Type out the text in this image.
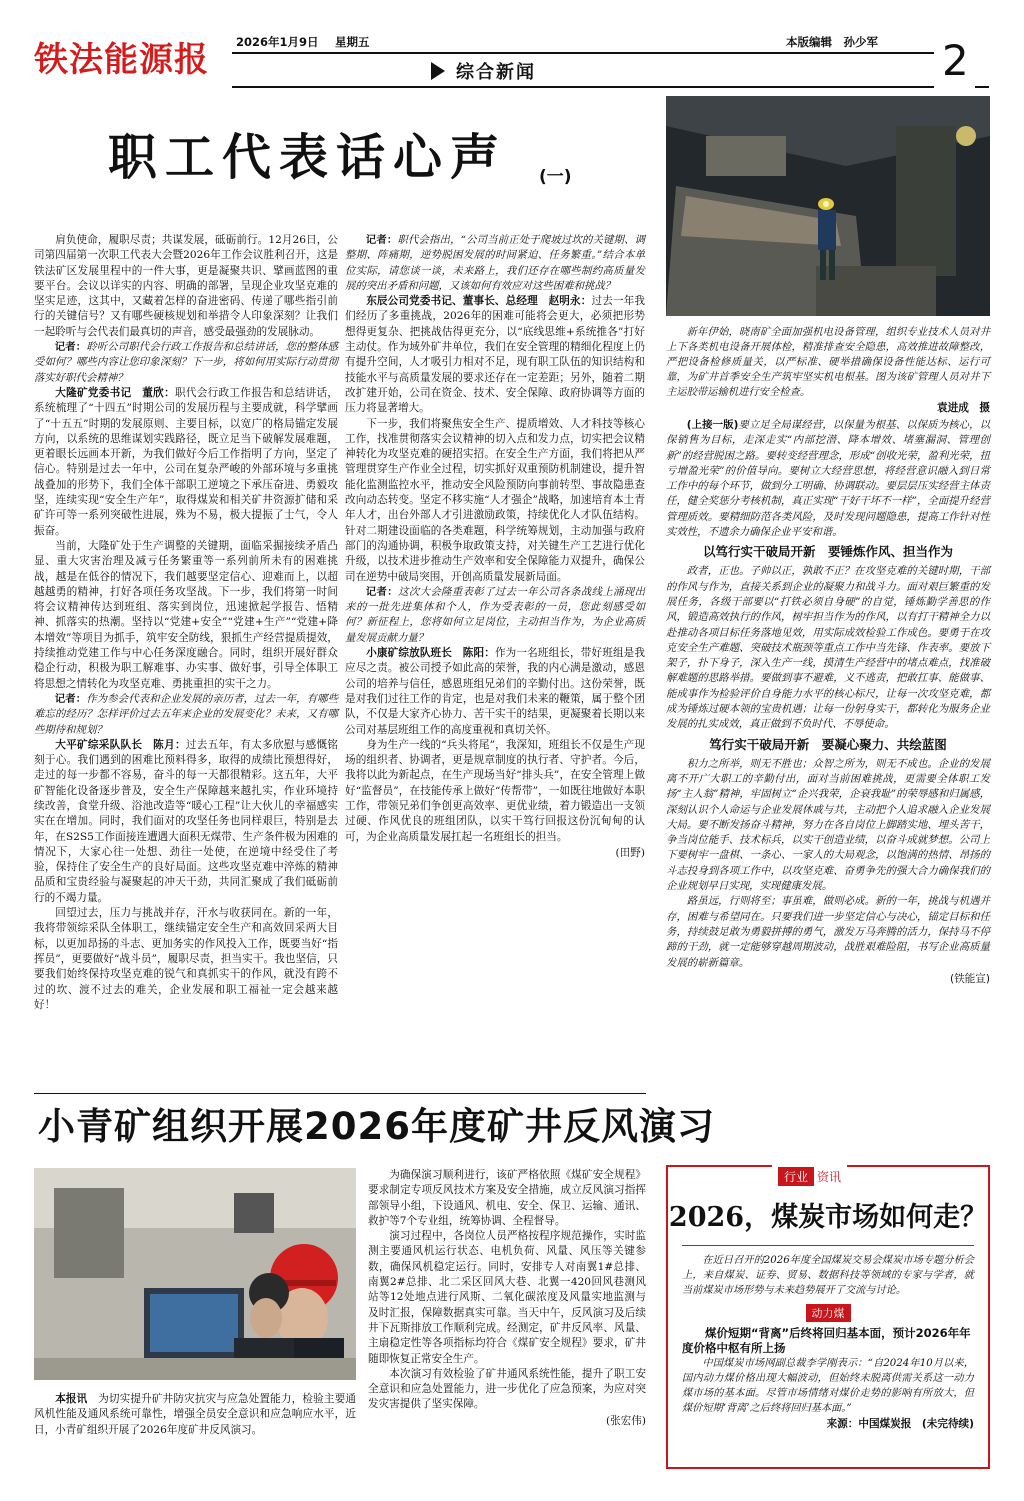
铁法能源报 2026年1月9日 星期五	本版编辑　孙少军
综合新闻	2
职工代表话心声 (一)

肩负使命，履职尽责；共谋发展，砥砺前行。12月26日，公司第四届第一次职工代表大会暨2026年工作会议胜利召开，这是铁法矿区发展里程中的一件大事，更是凝聚共识、擘画蓝图的重要平台。会议以详实的内容、明确的部署，呈现企业攻坚克难的坚实足迹，这其中，又藏着怎样的奋进密码、传递了哪些指引前行的关键信号？又有哪些硬核规划和举措令人印象深刻？让我们一起聆听与会代表们最真切的声音，感受最强劲的发展脉动。

记者：聆听公司职代会行政工作报告和总结讲话，您的整体感受如何？哪些内容让您印象深刻？下一步，将如何用实际行动贯彻落实好职代会精神？

大隆矿党委书记　董欣：职代会行政工作报告和总结讲话，系统梳理了“十四五”时期公司的发展历程与主要成就，科学擘画了“十五五”时期的发展原则、主要目标，以宽广的格局锚定发展方向，以系统的思维谋划实践路径，既立足当下破解发展难题，更着眼长远画本开新，为我们做好今后工作指明了方向，坚定了信心。特别是过去一年中，公司在复杂严峻的外部环境与多重挑战叠加的形势下，我们全体干部职工逆境之下承压奋进、勇毅攻坚，连续实现“安全生产年”，取得煤炭和相关矿井资源扩储和采矿许可等一系列突破性进展，殊为不易，极大提振了士气，令人振奋。

当前，大隆矿处于生产调整的关键期，面临采掘接续矛盾凸显、重大灾害治理及减亏任务繁重等一系列前所未有的困难挑战，越是在低谷的情况下，我们越要坚定信心、迎难而上，以超越越勇的精神，打好各项任务攻坚战。下一步，我们将第一时间将会议精神传达到班组、落实到岗位，迅速掀起学报告、悟精神、抓落实的热潮。坚持以“党建+安全”“党建+生产”“党建+降本增效”等项目为抓手，筑牢安全防线，狠抓生产经营提质提效，持续推动党建工作与中心任务深度融合。同时，组织开展好群众稳企行动，积极为职工解难事、办实事、做好事，引导全体职工将思想之情转化为攻坚克难、勇挑重担的实干之力。

记者：作为参会代表和企业发展的亲历者，过去一年，有哪些难忘的经历？怎样评价过去五年来企业的发展变化？未来，又有哪些期待和规划？

大平矿综采队队长　陈月：过去五年，有太多欣慰与感慨铭刻于心。我们遇到的困难比预料得多，取得的成绩比预想得好，走过的每一步都不容易，奋斗的每一天都很精彩。这五年，大平矿智能化设备逐步普及，安全生产保障越来越扎实，作业环境持续改善，食堂升级、浴池改造等“暖心工程”让大伙儿的幸福感实实在在增加。同时，我们面对的攻坚任务也同样艰巨，特别是去年，在S2S5工作面接连遭遇大面积无煤带、生产条件极为困难的情况下，大家心往一处想、劲往一处使，在逆境中经受住了考验，保持住了安全生产的良好局面。这些攻坚克难中淬炼的精神品质和宝贵经验与凝聚起的冲天干劲，共同汇聚成了我们砥砺前行的不竭力量。

回望过去，压力与挑战并存，汗水与收获同在。新的一年，我将带领综采队全体职工，继续锚定安全生产和高效回采两大目标，以更加昂扬的斗志、更加务实的作风投入工作，既要当好“指挥员”，更要做好“战斗员”，履职尽责，担当实干。我也坚信，只要我们始终保持攻坚克难的锐气和真抓实干的作风，就没有跨不过的坎、渡不过去的难关，企业发展和职工福祉一定会越来越好！

记者：职代会指出，“公司当前正处于爬坡过坎的关键期、调整期、阵痛期，逆势脱困发展的时间紧迫、任务繁重。”结合本单位实际，请您谈一谈，未来路上，我们还存在哪些制约高质量发展的突出矛盾和问题，又该如何有效应对这些困难和挑战？

东辰公司党委书记、董事长、总经理　赵明永：过去一年我们经历了多重挑战，2026年的困难可能将会更大，必须把形势想得更复杂、把挑战估得更充分，以“底线思维+系统推各”打好主动仗。作为域外矿井单位，我们在安全管理的精细化程度上仍有提升空间，人才吸引力相对不足，现有职工队伍的知识结构和技能水平与高质量发展的要求还存在一定差距；另外，随着二期改扩建开始，公司在资金、技术、安全保障、政府协调等方面的压力将显著增大。

下一步，我们将聚焦安全生产、提质增效、人才科技等核心工作，找准贯彻落实会议精神的切入点和发力点，切实把会议精神转化为攻坚克难的硬招实招。在安全生产方面，我们将把从严管理贯穿生产作业全过程，切实抓好双重预防机制建设，提升智能化监测监控水平，推动安全风险预防向事前转型、事故隐患查改向动态转变。坚定不移实施“人才强企”战略，加速培育本土青年人才，出台外部人才引进激励政策，持续优化人才队伍结构。针对二期建设面临的各类难题，科学统筹规划，主动加强与政府部门的沟通协调，积极争取政策支持，对关键生产工艺进行优化升级，以技术进步推动生产效率和安全保障能力双提升，确保公司在逆势中破局突围，开创高质量发展新局面。

记者：这次大会隆重表彰了过去一年公司各条战线上涌现出来的一批先进集体和个人，作为受表彰的一员，您此刻感受如何？新征程上，您将如何立足岗位，主动担当作为，为企业高质量发展贡献力量？

小康矿综放队班长　陈阳：作为一名班组长，带好班组是我应尽之责。被公司授予如此高的荣誉，我的内心满是激动，感恩公司的培养与信任，感恩班组兄弟们的辛勤付出。这份荣誉，既是对我们过往工作的肯定，也是对我们未来的鞭策，属于整个团队，不仅是大家齐心协力、苦干实干的结果，更凝聚着长期以来公司对基层班组工作的高度重视和真切关怀。

身为生产一线的“兵头将尾”，我深知，班组长不仅是生产现场的组织者、协调者，更是规章制度的执行者、守护者。今后，我将以此为新起点，在生产现场当好“排头兵”，在安全管理上做好“监督员”，在技能传承上做好“传帮带”，一如既往地做好本职工作，带领兄弟们争创更高效率、更优业绩，着力锻造出一支领过硬、作风优良的班组团队，以实干笃行回报这份沉甸甸的认可，为企业高质量发展扛起一名班组长的担当。

(田野)

新年伊始，晓南矿全面加强机电设备管理，组织专业技术人员对井上下各类机电设备开展体检，精准排查安全隐患，高效推进故障整改，严把设备检修质量关，以严标准、硬举措确保设备性能达标、运行可靠，为矿井首季安全生产筑牢坚实机电根基。图为该矿管理人员对井下主运胶带运输机进行安全检查。

袁进成　摄

(上接一版)要立足全局谋经营，以保量为根基、以保质为核心，以保销售为目标，走深走实“内部挖潜、降本增效、堵塞漏洞、管理创新”的经营脱困之路。要转变经营理念，形成“创收光荣，盈利光荣，扭亏增盈光荣”的价值导向。要树立大经营思想，将经营意识融入到日常工作中的每个环节，做到分工明确、协调联动。要层层压实经营主体责任，健全奖惩分考核机制，真正实现“干好干坏不一样”，全面提升经营管理质效。要精细防范各类风险，及时发现问题隐患，提高工作针对性实效性，不遗余力确保企业平安和谐。

以笃行实干破局开新　要锤炼作风、担当作为

政者，正也。子帅以正，孰敢不正？在攻坚克难的关键时期，干部的作风与作为，直接关系到企业的凝聚力和战斗力。面对艰巨繁重的发展任务，各级干部要以“打铁必须自身硬”的自觉，锤炼勤学善思的作风，锻造高效执行的作风，树牢担当作为的作风，以有打干精神全力以赴推动各项目标任务落地见效，用实际成效检验工作成色。要勇于在攻克安全生产难题、突破技术瓶颈等重点工作中当先锋、作表率。要放下架子，扑下身子，深入生产一线，摸清生产经营中的堵点难点，找准破解难题的思路举措。要做到事不避难，义不逃责，把敢扛事、能做事、能成事作为检验评价自身能力水平的核心标尺，让每一次攻坚克难，都成为锤炼过硬本领的宝贵机遇；让每一份躬身实干，都转化为服务企业发展的扎实成效，真正做到不负时代、不辱使命。

笃行实干破局开新　要凝心聚力、共绘蓝图

积力之所举，则无不胜也；众智之所为，则无不成也。企业的发展离不开广大职工的辛勤付出，面对当前困难挑战，更需要全体职工发扬“主人翁”精神，牢固树立“企兴我荣，企衰我耻”的荣辱感和归属感，深刻认识个人命运与企业发展休戚与共，主动把个人追求融入企业发展大局。要不断发扬奋斗精神，努力在各自岗位上脚踏实地、埋头苦干，争当岗位能手、技术标兵，以实干创造业绩，以奋斗成就梦想。公司上下要树牢一盘棋、一条心、一家人的大局观念，以饱满的热情、昂扬的斗志投身到各项工作中，以攻坚克难、奋勇争先的强大合力确保我们的企业规划早日实现，实现健康发展。

路虽远，行则将至；事虽难，做则必成。新的一年，挑战与机遇并存，困难与希望同在。只要我们进一步坚定信心与决心，锚定目标和任务，持续鼓足敢为勇毅拼搏的勇气，激发万马奔腾的活力，保持马不停蹄的干劲，就一定能够穿越周期波动，战胜艰难险阻，书写企业高质量发展的崭新篇章。

(铁能宣)
小青矿组织开展2026年度矿井反风演习

本报讯　 为切实提升矿井防灾抗灾与应急处置能力，检验主要通风机性能及通风系统可靠性，增强全员安全意识和应急响应水平，近日，小青矿组织开展了2026年度矿井反风演习。

为确保演习顺利进行，该矿严格依照《煤矿安全规程》要求制定专项反风技术方案及安全措施，成立反风演习指挥部领导小组，下设通风、机电、安全、保卫、运输、通讯、救护等7个专业组，统筹协调、全程督导。

演习过程中，各岗位人员严格按程序规范操作，实时监测主要通风机运行状态、电机负荷、风量、风压等关键参数，确保风机稳定运行。同时，安排专人对南翼1#总排、南翼2#总排、北二采区回风大巷、北翼一420回风巷测风站等12处地点进行风斯、二氧化碳浓度及风量实地监测与及时汇报，保障数据真实可靠。当天中午，反风演习及后续井下瓦斯排放工作顺利完成。经测定，矿井反风率、风量、主扇稳定性等各项指标均符合《煤矿安全规程》要求，矿井随即恢复正常安全生产。

本次演习有效检验了矿井通风系统性能，提升了职工安全意识和应急处置能力，进一步优化了应急预案，为应对突发灾害提供了坚实保障。

(张宏伟)
行业 资讯
2026，煤炭市场如何走？

在近日召开的2026年度全国煤炭交易会煤炭市场专题分析会上，来自煤炭、证券、贸易、数据科技等领域的专家与学者，就当前煤炭市场形势与未来趋势展开了交流与讨论。

动力煤
煤价短期“背离”后终将回归基本面，预计2026年年度价格中枢有所上扬

中国煤炭市场网副总裁李学刚表示：“自2024年10月以来，国内动力煤价格出现大幅波动，但始终未脱离供需关系这一动力煤市场的基本面。尽管市场情绪对煤价走势的影响有所放大，但煤价短期‘背离’之后终将回归基本面。”

来源：中国煤炭报　(未完待续)
